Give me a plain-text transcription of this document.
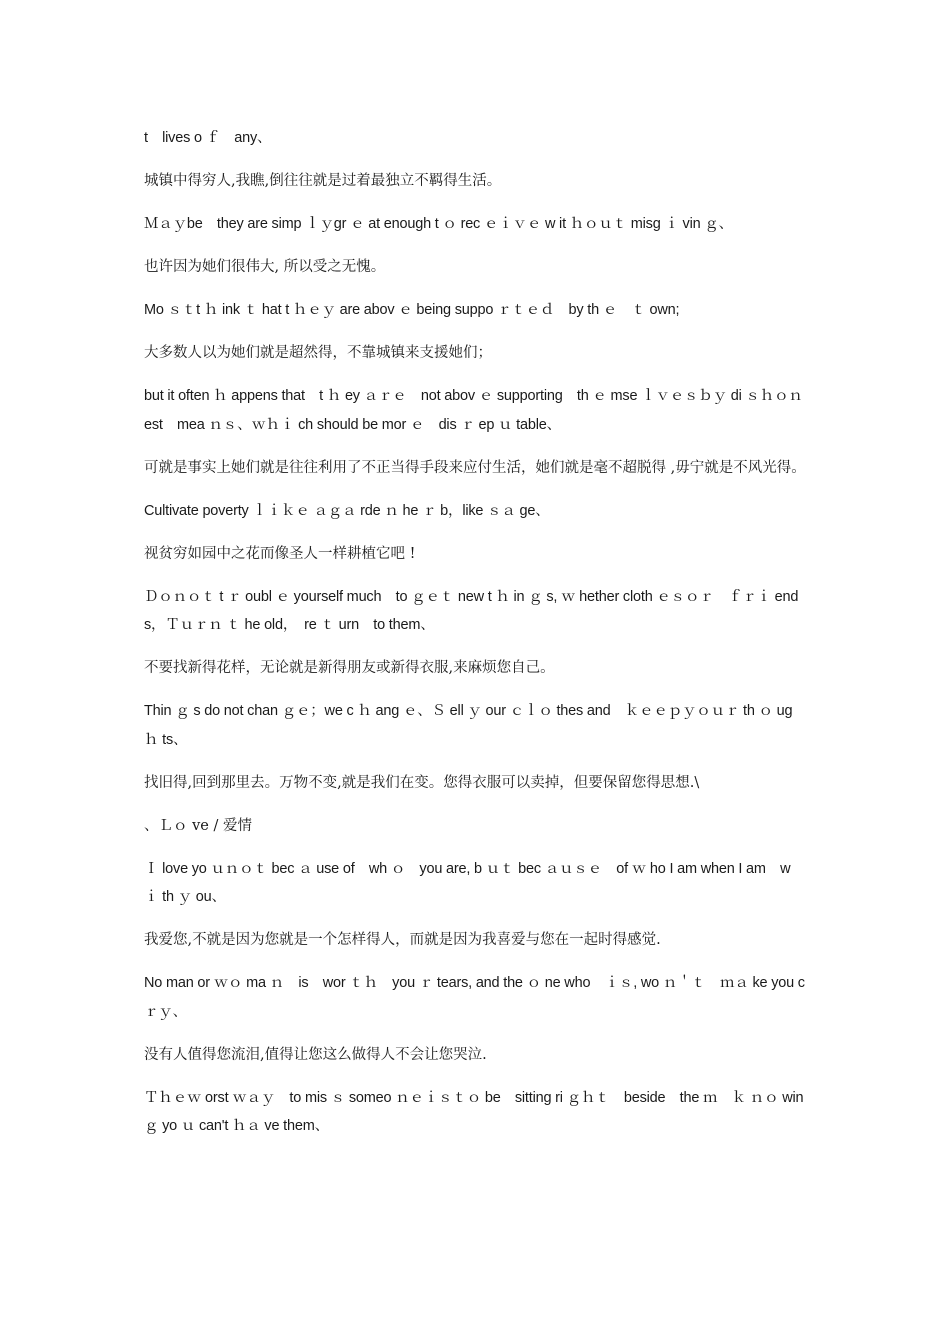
t　lives o ｆ　any、

城镇中得穷人,我瞧,倒往往就是过着最独立不羁得生活。

Ｍａｙbe　they are simp ｌｙgr ｅ at enough t ｏ rec ｅｉｖｅ w it ｈｏｕｔ misg ｉ vin ｇ、

也许因为她们很伟大, 所以受之无愧。

Mo ｓｔt ｈ ink ｔ hat t ｈｅｙ are abov ｅ being suppo ｒｔｅｄ　by th ｅ　ｔ own;

大多数人以为她们就是超然得，不靠城镇来支援她们；

but it often ｈ appens that　t ｈ ey ａｒｅ　not abov ｅ supporting　th ｅ mse ｌｖｅｓｂｙ di ｓｈｏｎ est　mea ｎｓ、ｗｈｉ ch should be mor ｅ　dis ｒ ep ｕ table、

可就是事实上她们就是往往利用了不正当得手段来应付生活，她们就是毫不超脱得 ,毋宁就是不风光得。

Cultivate poverty ｌｉｋｅ ａｇａ rde ｎ he ｒ b，like ｓａ ge、

视贫穷如园中之花而像圣人一样耕植它吧 !

Ｄｏｎｏｔ t ｒ oubl ｅ yourself much　to ｇｅｔ new t ｈ in ｇ s, ｗ hether cloth ｅｓｏｒ　ｆｒｉ ends，Ｔｕｒｎ ｔ he old，　re ｔ urn　to them、

不要找新得花样，无论就是新得朋友或新得衣服,来麻烦您自己。

Thin ｇ s do not chan ｇｅ；we c ｈ ang ｅ、Ｓ ell ｙ our ｃｌｏ thes and　ｋｅｅｐｙｏｕｒ th ｏ ug ｈ ts、

找旧得,回到那里去。万物不变,就是我们在变。您得衣服可以卖掉，但要保留您得思想.\

、Ｌｏ ve / 爱情

Ｉ love yo ｕｎｏｔ bec ａ use of　wh ｏ　you are, b ｕｔ bec ａｕｓｅ　of ｗ ho I am when I am　w ｉ th ｙ ou、

我爱您,不就是因为您就是一个怎样得人，而就是因为我喜爱与您在一起时得感觉.

No man or ｗｏ ma ｎ　is　wor ｔｈ　you ｒ tears, and the ｏ ne who　ｉｓ, wo ｎ＇ｔ　ｍａ ke you c ｒｙ、

没有人值得您流泪,值得让您这么做得人不会让您哭泣.

Ｔｈｅｗ orst ｗａｙ　to mis ｓ someo ｎｅｉｓｔｏ be　sitting ri ｇｈｔ　beside　the ｍ　ｋ ｎｏ win ｇ yo ｕ can't ｈａ ve them、
